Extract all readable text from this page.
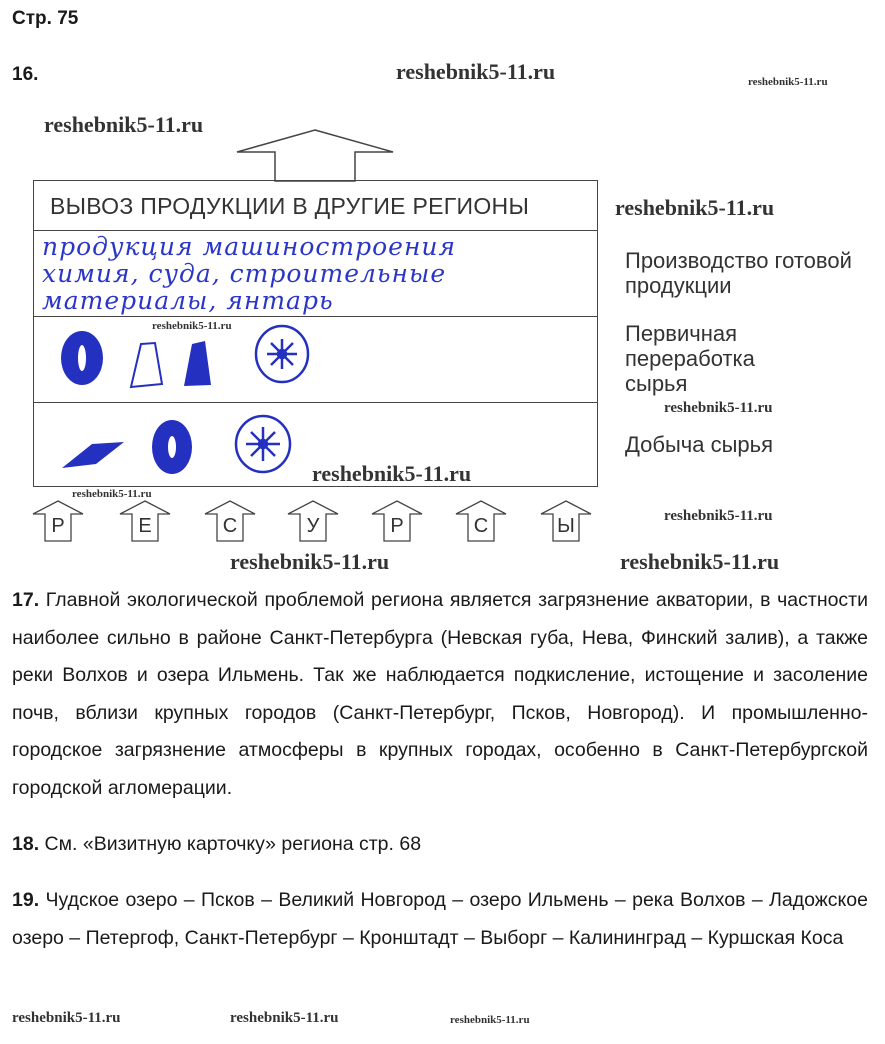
Стр. 75
16.
ВЫВОЗ ПРОДУКЦИИ В ДРУГИЕ РЕГИОНЫ
продукция машиностроения
химия, суда, строительные
материалы, янтарь
Производство готовой продукции
Первичная переработка сырья
Добыча сырья
Р	Е	С	У	Р	С	Ы
17. Главной экологической проблемой региона является загрязнение акватории, в частности наиболее сильно в районе Санкт-Петербурга (Невская губа, Нева, Финский залив), а также реки Волхов и озера Ильмень. Так же наблюдается подкисление, истощение и засоление почв, вблизи крупных городов (Санкт-Петербург, Псков, Новгород). И промышленно-городское загрязнение атмосферы в крупных городах, особенно в Санкт-Петербургской городской агломерации.
18. См. «Визитную карточку» региона стр. 68
19. Чудское озеро – Псков – Великий Новгород – озеро Ильмень – река Волхов – Ладожское озеро – Петергоф, Санкт-Петербург – Кронштадт – Выборг – Калининград – Куршская Коса
reshebnik5-11.ru	reshebnik5-11.ru
reshebnik5-11.ru
reshebnik5-11.ru
reshebnik5-11.ru
reshebnik5-11.ru
reshebnik5-11.ru
reshebnik5-11.ru
reshebnik5-11.ru
reshebnik5-11.ru	reshebnik5-11.ru
reshebnik5-11.ru	reshebnik5-11.ru	reshebnik5-11.ru
